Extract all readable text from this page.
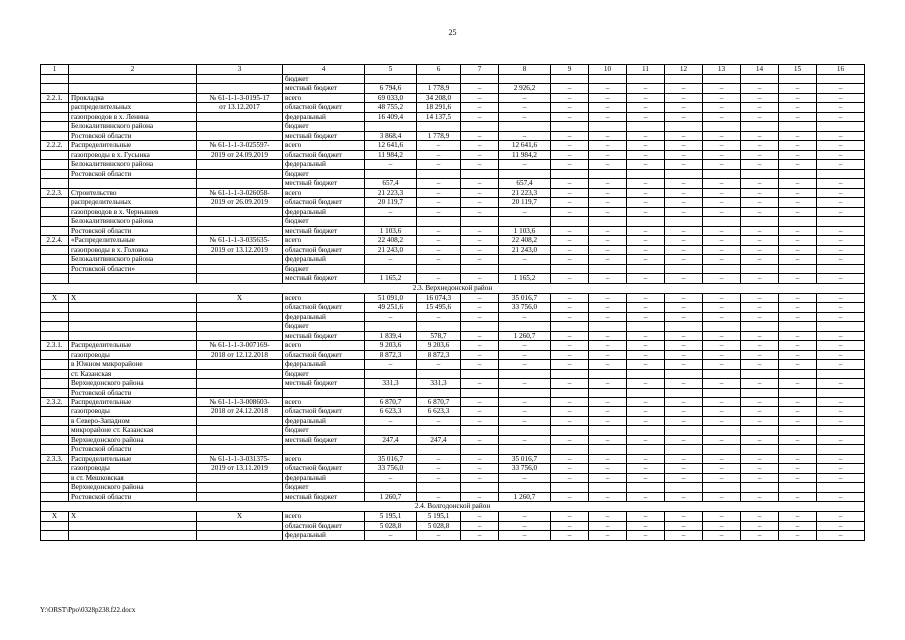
25
1	2	3	4	5	6	7	8	9	10	11	12	13	14	15	16
			бюджет												
			местный бюджет	6 794,6	1 778,9	–	2 926,2	–	–	–	–	–	–	–	–
2.2.1.	Прокладка	№ 61-1-1-3-0195-17	всего	69 033,0	34 208,0	–	–	–	–	–	–	–	–	–	–
	распределительных	от 13.12.2017	областной бюджет	48 755,2	18 291,6	–	–	–	–	–	–	–	–	–	–
	газопроводов в х. Ленина		федеральный	16 409,4	14 137,5	–	–	–	–	–	–	–	–	–	–
	Белокалитвинского района		бюджет												
	Ростовской области		местный бюджет	3 868,4	1 778,9	–	–	–	–	–	–	–	–	–	–
2.2.2.	Распределительные	№ 61-1-1-3-025597-	всего	12 641,6	–	–	12 641,6	–	–	–	–	–	–	–	–
	газопроводы в х. Гусынка	2019 от 24.09.2019	областной бюджет	11 984,2	–	–	11 984,2	–	–	–	–	–	–	–	–
	Белокалитвинского района		федеральный	–	–	–	–	–	–	–	–	–	–	–	–
	Ростовской области		бюджет												
			местный бюджет	657,4	–	–	657,4	–	–	–	–	–	–	–	–
2.2.3.	Строительство	№ 61-1-1-3-026058-	всего	21 223,3	–	–	21 223,3	–	–	–	–	–	–	–	–
	распределительных	2019 от 26.09.2019	областной бюджет	20 119,7	–	–	20 119,7	–	–	–	–	–	–	–	–
	газопроводов в х. Чернышев		федеральный	–	–	–	–	–	–	–	–	–	–	–	–
	Белокалитвинского района		бюджет												
	Ростовской области		местный бюджет	1 103,6	–	–	1 103,6	–	–	–	–	–	–	–	–
2.2.4.	«Распределительные	№ 61-1-1-3-035635-	всего	22 408,2	–	–	22 408,2	–	–	–	–	–	–	–	–
	газопроводы в х. Головка	2019 от 13.12.2019	областной бюджет	21 243,0	–	–	21 243,0	–	–	–	–	–	–	–	–
	Белокалитвинского района		федеральный	–	–	–	–	–	–	–	–	–	–	–	–
	Ростовской области»		бюджет												
			местный бюджет	1 165,2	–	–	1 165,2	–	–	–	–	–	–	–	–
2.3. Верхнедонской район															
Х	Х	Х	всего	51 091,0	16 074,3	–	35 016,7	–	–	–	–	–	–	–	–
			областной бюджет	49 251,6	15 495,6	–	33 756,0	–	–	–	–	–	–	–	–
			федеральный	–	–	–	–	–	–	–	–	–	–	–	–
			бюджет												
			местный бюджет	1 839,4	578,7	–	1 260,7	–	–	–	–	–	–	–	–
2.3.1.	Распределительные	№ 61-1-1-3-007169-	всего	9 203,6	9 203,6	–	–	–	–	–	–	–	–	–	–
	газопроводы	2018 от 12.12.2018	областной бюджет	8 872,3	8 872,3	–	–	–	–	–	–	–	–	–	–
	в Южном микрорайоне		федеральный	–	–	–	–	–	–	–	–	–	–	–	–
	ст. Казанская		бюджет												
	Верхнедонского района		местный бюджет	331,3	331,3	–	–	–	–	–	–	–	–	–	–
	Ростовской области														
2.3.2.	Распределительные	№ 61-1-1-3-008603-	всего	6 870,7	6 870,7	–	–	–	–	–	–	–	–	–	–
	газопроводы	2018 от 24.12.2018	областной бюджет	6 623,3	6 623,3	–	–	–	–	–	–	–	–	–	–
	в Северо-Западном		федеральный	–	–	–	–	–	–	–	–	–	–	–	–
	микрорайоне ст. Казанская		бюджет												
	Верхнедонского района		местный бюджет	247,4	247,4	–	–	–	–	–	–	–	–	–	–
	Ростовской области														
2.3.3.	Распределительные	№ 61-1-1-3-031375-	всего	35 016,7	–	–	35 016,7	–	–	–	–	–	–	–	–
	газопроводы	2019 от 13.11.2019	областной бюджет	33 756,0	–	–	33 756,0	–	–	–	–	–	–	–	–
	в ст. Мешковская		федеральный	–	–	–	–	–	–	–	–	–	–	–	–
	Верхнедонского района		бюджет												
	Ростовской области		местный бюджет	1 260,7	–	–	1 260,7	–	–	–	–	–	–	–	–
2.4. Волгодонской район															
Х	Х	Х	всего	5 195,1	5 195,1	–	–	–	–	–	–	–	–	–	–
			областной бюджет	5 028,8	5 028,8	–	–	–	–	–	–	–	–	–	–
			федеральный	–	–	–	–	–	–	–	–	–	–	–	–
Y:\ORST\Ppo\0328p238.f22.docx
